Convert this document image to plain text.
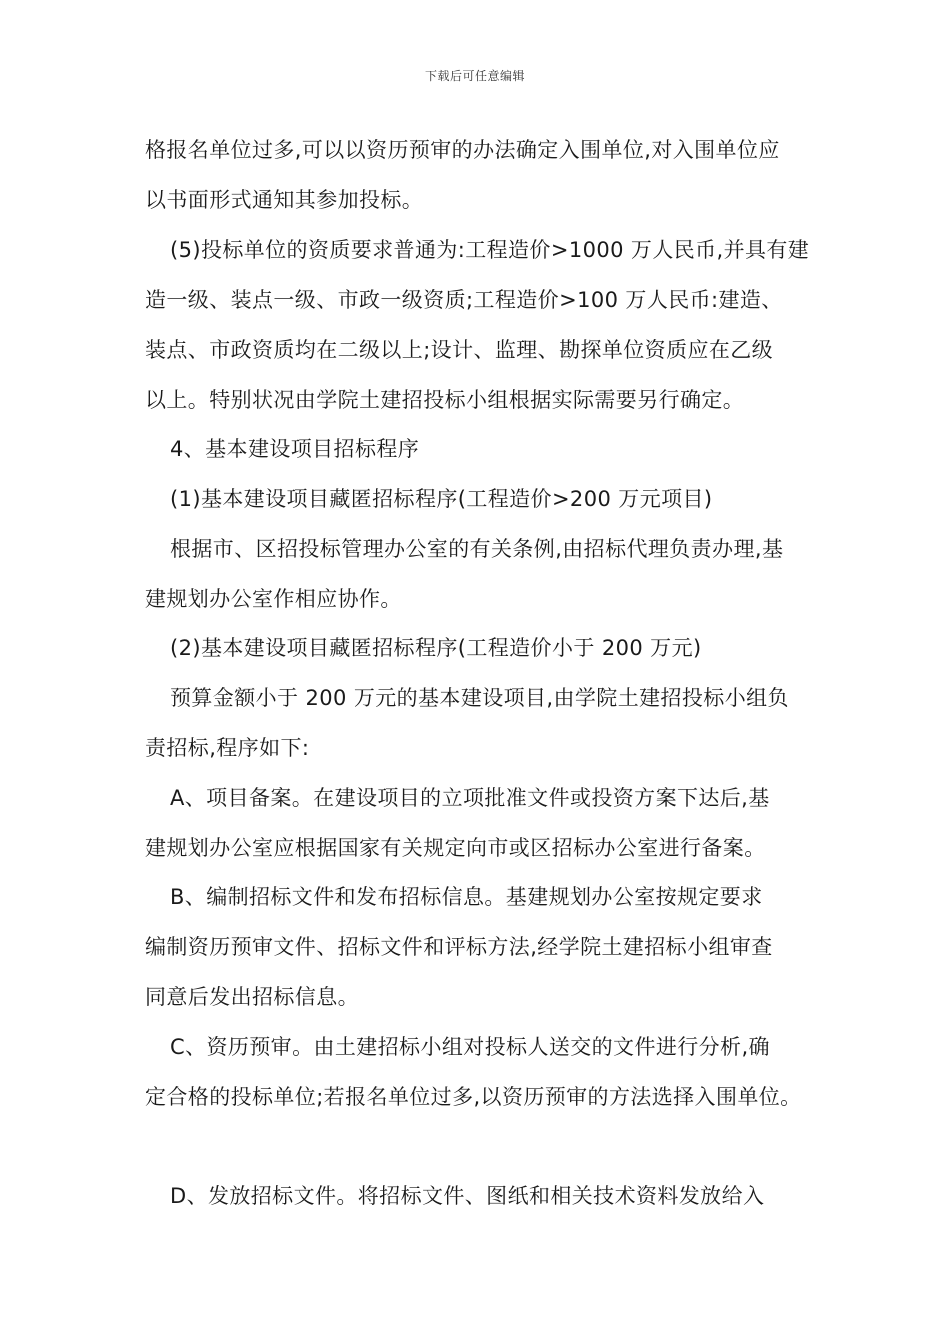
下载后可任意编辑
格报名单位过多,可以以资历预审的办法确定入围单位,对入围单位应
以书面形式通知其参加投标。
(5)投标单位的资质要求普通为:工程造价>1000 万人民币,并具有建
造一级、装点一级、市政一级资质;工程造价>100 万人民币:建造、
装点、市政资质均在二级以上;设计、监理、勘探单位资质应在乙级
以上。特别状况由学院土建招投标小组根据实际需要另行确定。
4、基本建设项目招标程序
(1)基本建设项目藏匿招标程序(工程造价>200 万元项目)
根据市、区招投标管理办公室的有关条例,由招标代理负责办理,基
建规划办公室作相应协作。
(2)基本建设项目藏匿招标程序(工程造价小于 200 万元)
预算金额小于 200 万元的基本建设项目,由学院土建招投标小组负
责招标,程序如下:
A、项目备案。在建设项目的立项批准文件或投资方案下达后,基
建规划办公室应根据国家有关规定向市或区招标办公室进行备案。
B、编制招标文件和发布招标信息。基建规划办公室按规定要求
编制资历预审文件、招标文件和评标方法,经学院土建招标小组审查
同意后发出招标信息。
C、资历预审。由土建招标小组对投标人送交的文件进行分析,确
定合格的投标单位;若报名单位过多,以资历预审的方法选择入围单位。
D、发放招标文件。将招标文件、图纸和相关技术资料发放给入
